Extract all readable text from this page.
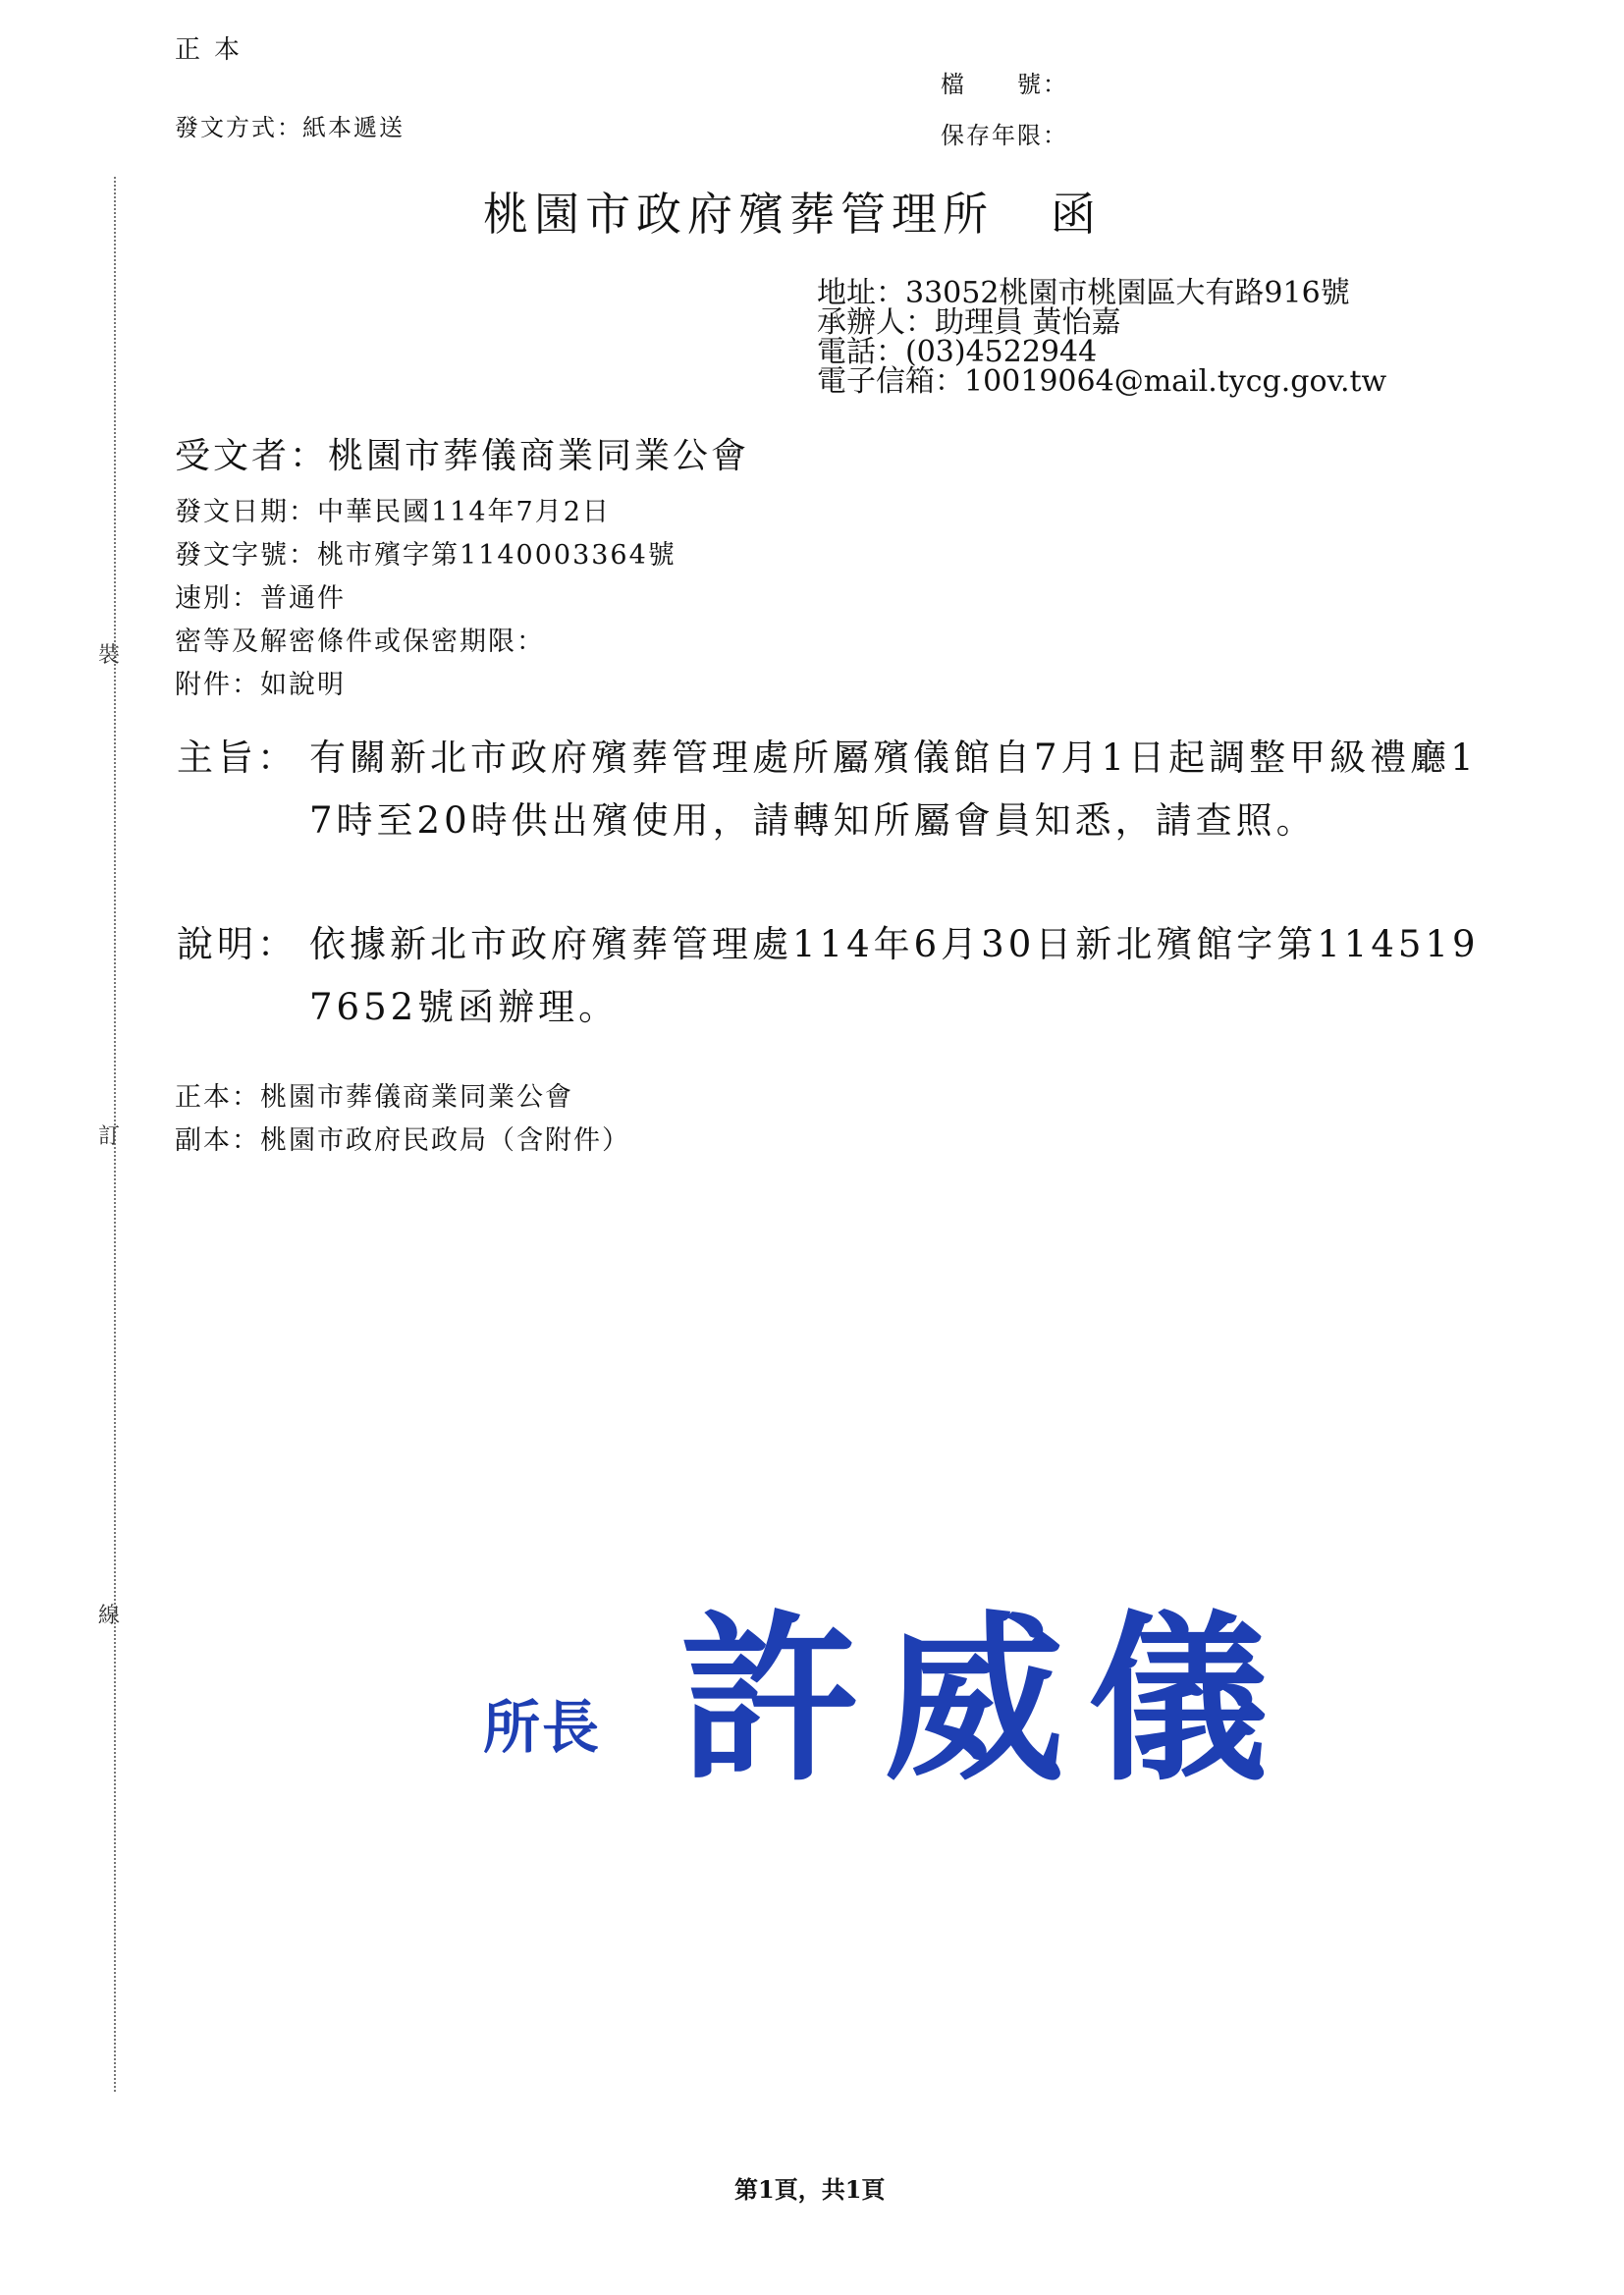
裝
訂
線
正本
發文方式：紙本遞送
檔　　號：
保存年限：
桃園市政府殯葬管理所 函
地址：33052桃園市桃園區大有路916號
承辦人：助理員 黃怡嘉
電話：(03)4522944
電子信箱：10019064@mail.tycg.gov.tw
受文者：桃園市葬儀商業同業公會
發文日期：中華民國114年7月2日
發文字號：桃市殯字第1140003364號
速別：普通件
密等及解密條件或保密期限：
附件：如說明
主旨： 有關新北市政府殯葬管理處所屬殯儀館自7月1日起調整甲級禮廳17時至20時供出殯使用，請轉知所屬會員知悉，請查照。
說明： 依據新北市政府殯葬管理處114年6月30日新北殯館字第1145197652號函辦理。
正本：桃園市葬儀商業同業公會
副本：桃園市政府民政局（含附件）
所長 許威儀
第1頁，共1頁
